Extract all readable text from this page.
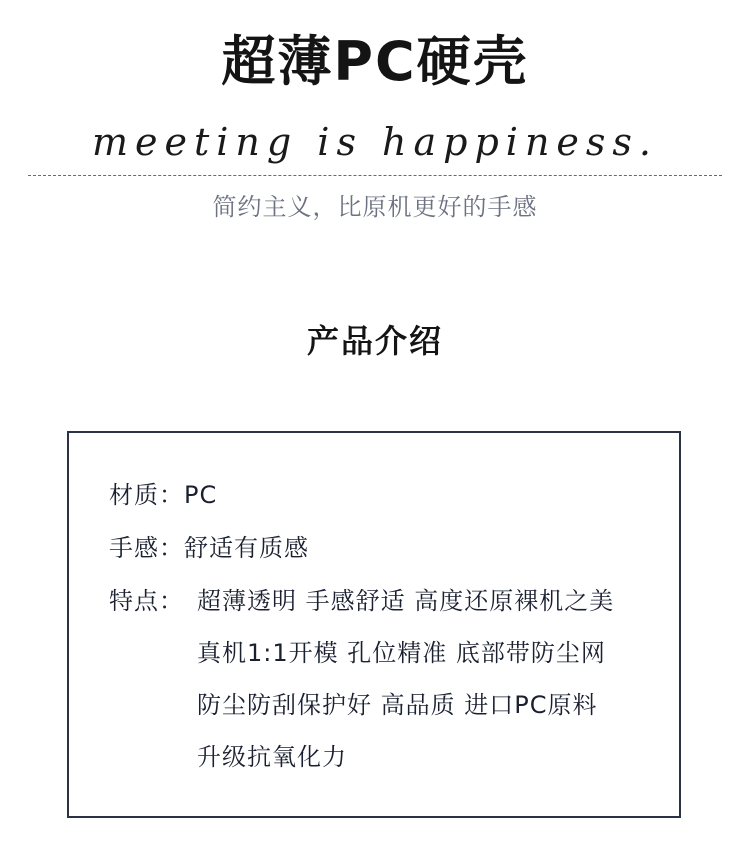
超薄PC硬壳
meeting is happiness.
简约主义，比原机更好的手感
产品介绍
材质：PC
手感：舒适有质感
特点： 超薄透明 手感舒适 高度还原裸机之美
真机1:1开模 孔位精准 底部带防尘网
防尘防刮保护好 高品质 进口PC原料
升级抗氧化力
